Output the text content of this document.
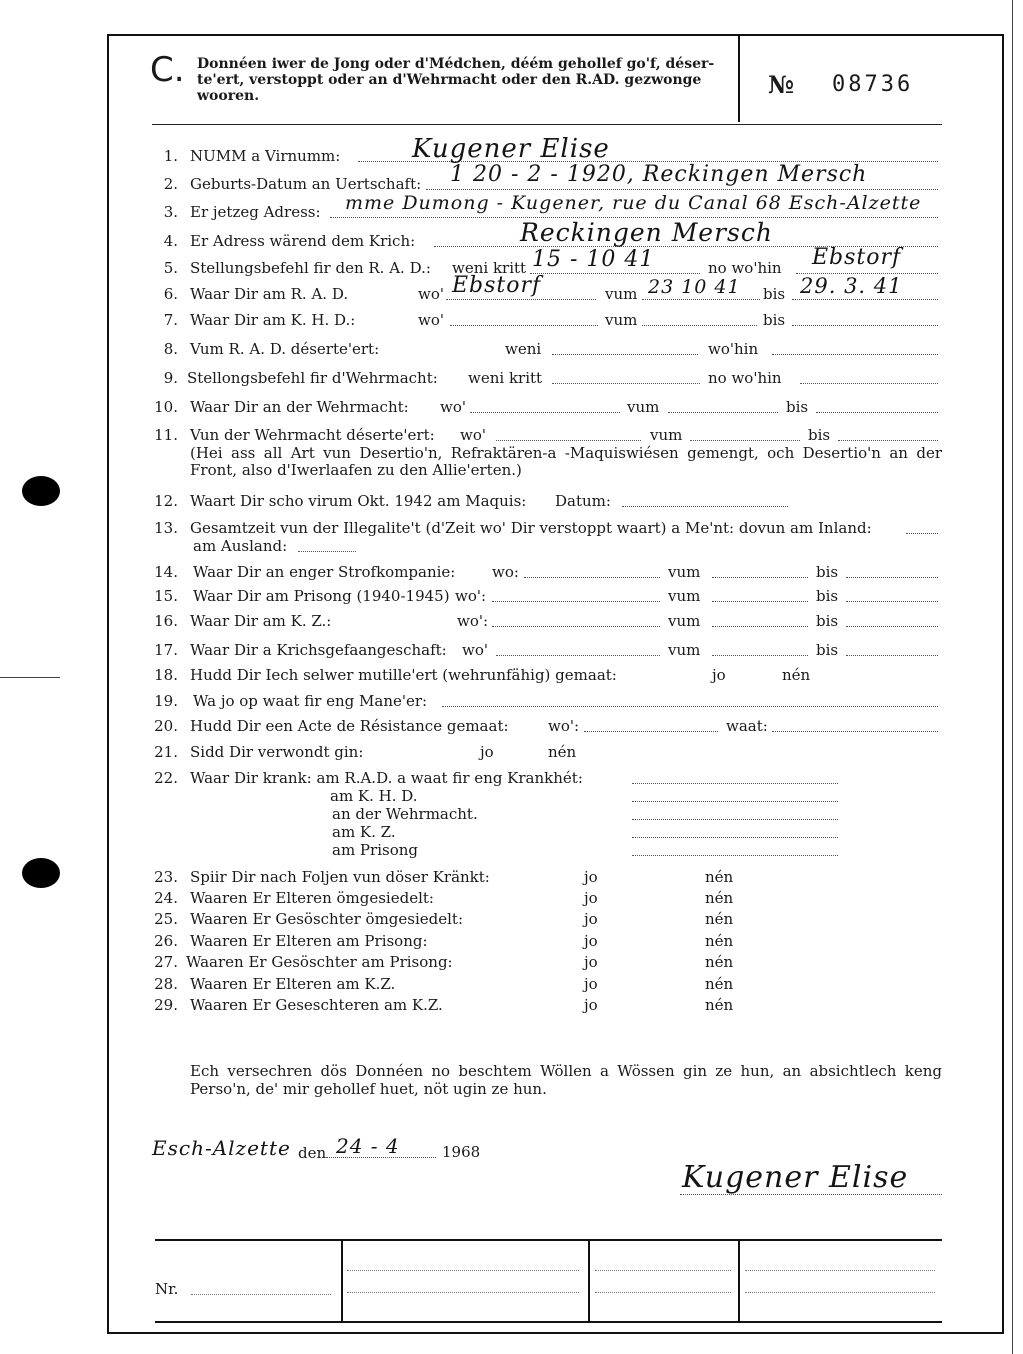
C. Donnéen iwer de Jong oder d'Médchen, déém gehollef go'f, déser-te'ert, verstoppt oder an d'Wehrmacht oder den R.AD. gezwonge wooren.	№ 08736
1. NUMM a Virnumm:	Kugener Elise
2. Geburts-Datum an Uertschaft: 1 20 - 2 - 1920, Reckingen Mersch
3. Er jetzeg Adress: mme Dumong - Kugener, rue du Canal 68 Esch-Alzette
4. Er Adress wärend dem Krich:	Reckingen Mersch
5. Stellungsbefehl fir den R. A. D.: weni kritt	no wo'hin
15 - 10 41	Ebstorf
6. Waar Dir am R. A. D.	wo'	vum	bis
Ebstorf	23 10 41	29. 3. 41
7. Waar Dir am K. H. D.:	wo'	vum	bis
8. Vum R. A. D. déserte'ert:	weni	wo'hin
9. Stellongsbefehl fir d'Wehrmacht: weni kritt	no wo'hin
10. Waar Dir an der Wehrmacht: wo'	vum	bis
11. Vun der Wehrmacht déserte'ert: wo'	vum	bis
(Hei ass all Art vun Desertio'n, Refraktären-a -Maquiswiésen gemengt, och Desertio'n an der Front, also d'Iwerlaafen zu den Allie'erten.)
12. Waart Dir scho virum Okt. 1942 am Maquis: Datum:
13. Gesamtzeit vun der Illegalite't (d'Zeit wo' Dir verstoppt waart) a Me'nt: dovun am Inland:
am Ausland:
14. Waar Dir an enger Strofkompanie: wo:	vum	bis
15. Waar Dir am Prisong (1940-1945) wo':	vum	bis
16. Waar Dir am K. Z.:	wo':	vum	bis
17. Waar Dir a Krichsgefaangeschaft: wo'	vum	bis
18. Hudd Dir Iech selwer mutille'ert (wehrunfähig) gemaat:	jo	nén
19. Wa jo op waat fir eng Mane'er:
20. Hudd Dir een Acte de Résistance gemaat:	wo':	waat:
21. Sidd Dir verwondt gin:	jo	nén
22. Waar Dir krank: am R.A.D. a waat fir eng Krankhét:
am K. H. D.
an der Wehrmacht.
am K. Z.
am Prisong
23. Spiir Dir nach Foljen vun döser Kränkt:	jo	nén
24. Waaren Er Elteren ömgesiedelt:	jo	nén
25. Waaren Er Gesöschter ömgesiedelt:	jo	nén
26. Waaren Er Elteren am Prisong:	jo	nén
27. Waaren Er Gesöschter am Prisong:	jo	nén
28. Waaren Er Elteren am K.Z.	jo	nén
29. Waaren Er Geseschteren am K.Z.	jo	nén
Ech versechren dös Donnéen no beschtem Wöllen a Wössen gin ze hun, an absichtlech keng Perso'n, de' mir gehollef huet, nöt ugin ze hun.
Esch-Alzette den 24 - 4	1968
Kugener Elise
Nr.
